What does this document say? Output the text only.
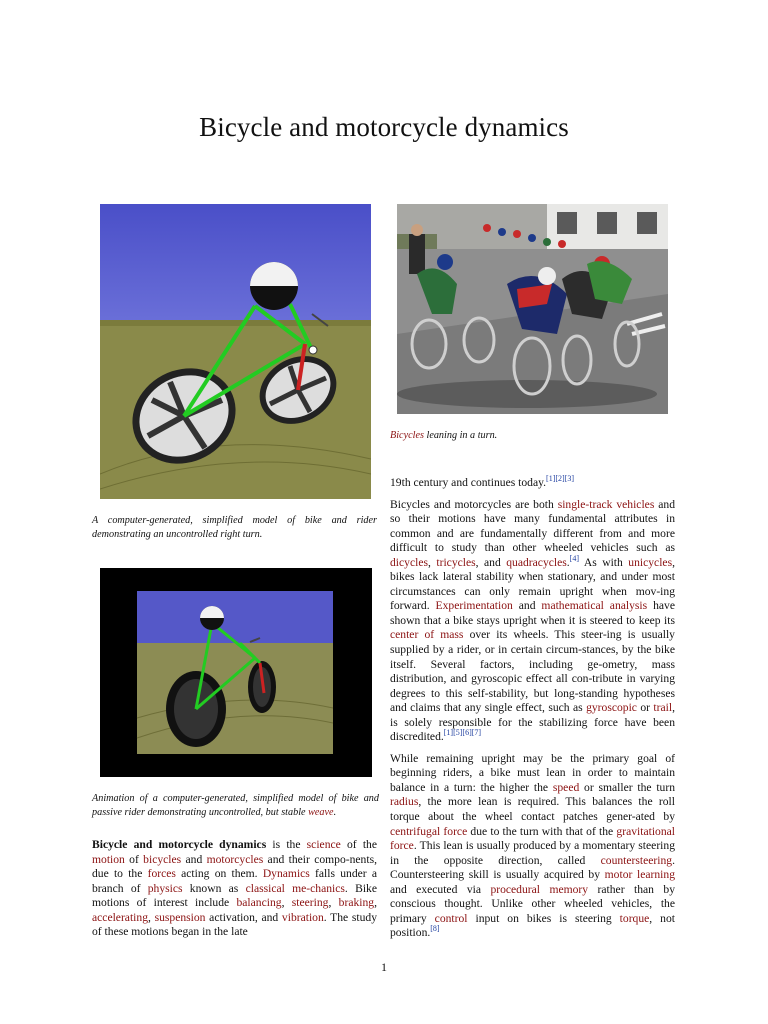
Bicycle and motorcycle dynamics
A computer-generated, simplified model of bike and rider demonstrating an uncontrolled right turn.
Animation of a computer-generated, simplified model of bike and passive rider demonstrating uncontrolled, but stable weave.
Bicycles leaning in a turn.

Bicycle and motorcycle dynamics is the science of the motion of bicycles and motorcycles and their compo-nents, due to the forces acting on them. Dynamics falls under a branch of physics known as classical me-chanics. Bike motions of interest include balancing, steering, braking, accelerating, suspension activation, and vibration. The study of these motions began in the late

19th century and continues today.[1][2][3]

Bicycles and motorcycles are both single-track vehicles and so their motions have many fundamental attributes in common and are fundamentally different from and more difficult to study than other wheeled vehicles such as dicycles, tricycles, and quadracycles.[4] As with unicycles, bikes lack lateral stability when stationary, and under most circumstances can only remain upright when mov-ing forward. Experimentation and mathematical analysis have shown that a bike stays upright when it is steered to keep its center of mass over its wheels. This steer-ing is usually supplied by a rider, or in certain circum-stances, by the bike itself. Several factors, including ge-ometry, mass distribution, and gyroscopic effect all con-tribute in varying degrees to this self-stability, but long-standing hypotheses and claims that any single effect, such as gyroscopic or trail, is solely responsible for the stabilizing force have been discredited.[1][5][6][7]

While remaining upright may be the primary goal of beginning riders, a bike must lean in order to maintain balance in a turn: the higher the speed or smaller the turn radius, the more lean is required. This balances the roll torque about the wheel contact patches gener-ated by centrifugal force due to the turn with that of the gravitational force. This lean is usually produced by a momentary steering in the opposite direction, called countersteering. Countersteering skill is usually acquired by motor learning and executed via procedural memory rather than by conscious thought. Unlike other wheeled vehicles, the primary control input on bikes is steering torque, not position.[8]

1
